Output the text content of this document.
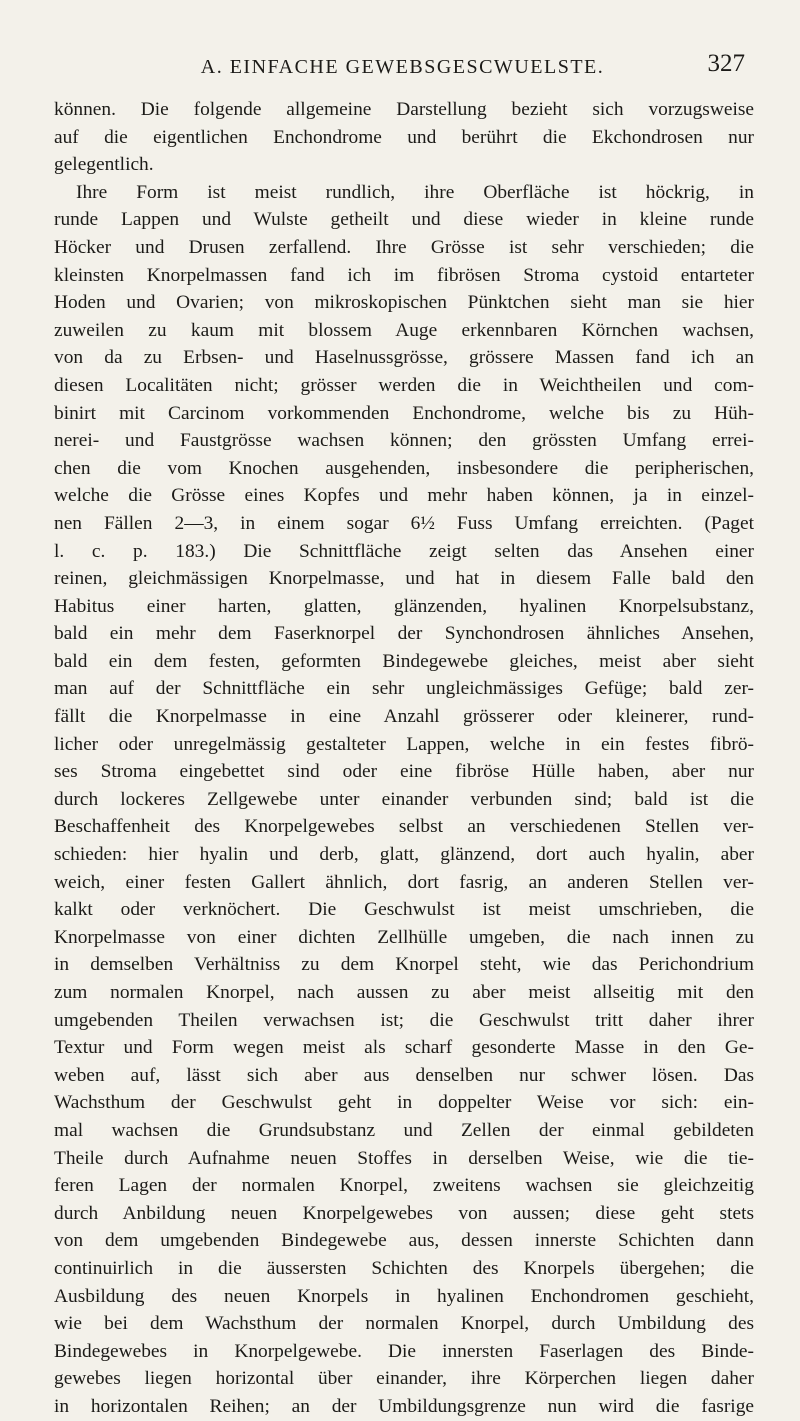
A. EINFACHE GEWEBSGESCWUELSTE.	327
können. Die folgende allgemeine Darstellung bezieht sich vorzugsweise
auf die eigentlichen Enchondrome und berührt die Ekchondrosen nur
gelegentlich.
Ihre Form ist meist rundlich, ihre Oberfläche ist höckrig, in
runde Lappen und Wulste getheilt und diese wieder in kleine runde
Höcker und Drusen zerfallend. Ihre Grösse ist sehr verschieden; die
kleinsten Knorpelmassen fand ich im fibrösen Stroma cystoid entarteter
Hoden und Ovarien; von mikroskopischen Pünktchen sieht man sie hier
zuweilen zu kaum mit blossem Auge erkennbaren Körnchen wachsen,
von da zu Erbsen- und Haselnussgrösse, grössere Massen fand ich an
diesen Localitäten nicht; grösser werden die in Weichtheilen und com-
binirt mit Carcinom vorkommenden Enchondrome, welche bis zu Hüh-
nerei- und Faustgrösse wachsen können; den grössten Umfang errei-
chen die vom Knochen ausgehenden, insbesondere die peripherischen,
welche die Grösse eines Kopfes und mehr haben können, ja in einzel-
nen Fällen 2—3, in einem sogar 6½ Fuss Umfang erreichten. (Paget
l. c. p. 183.) Die Schnittfläche zeigt selten das Ansehen einer
reinen, gleichmässigen Knorpelmasse, und hat in diesem Falle bald den
Habitus einer harten, glatten, glänzenden, hyalinen Knorpelsubstanz,
bald ein mehr dem Faserknorpel der Synchondrosen ähnliches Ansehen,
bald ein dem festen, geformten Bindegewebe gleiches, meist aber sieht
man auf der Schnittfläche ein sehr ungleichmässiges Gefüge; bald zer-
fällt die Knorpelmasse in eine Anzahl grösserer oder kleinerer, rund-
licher oder unregelmässig gestalteter Lappen, welche in ein festes fibrö-
ses Stroma eingebettet sind oder eine fibröse Hülle haben, aber nur
durch lockeres Zellgewebe unter einander verbunden sind; bald ist die
Beschaffenheit des Knorpelgewebes selbst an verschiedenen Stellen ver-
schieden: hier hyalin und derb, glatt, glänzend, dort auch hyalin, aber
weich, einer festen Gallert ähnlich, dort fasrig, an anderen Stellen ver-
kalkt oder verknöchert. Die Geschwulst ist meist umschrieben, die
Knorpelmasse von einer dichten Zellhülle umgeben, die nach innen zu
in demselben Verhältniss zu dem Knorpel steht, wie das Perichondrium
zum normalen Knorpel, nach aussen zu aber meist allseitig mit den
umgebenden Theilen verwachsen ist; die Geschwulst tritt daher ihrer
Textur und Form wegen meist als scharf gesonderte Masse in den Ge-
weben auf, lässt sich aber aus denselben nur schwer lösen. Das
Wachsthum der Geschwulst geht in doppelter Weise vor sich: ein-
mal wachsen die Grundsubstanz und Zellen der einmal gebildeten
Theile durch Aufnahme neuen Stoffes in derselben Weise, wie die tie-
feren Lagen der normalen Knorpel, zweitens wachsen sie gleichzeitig
durch Anbildung neuen Knorpelgewebes von aussen; diese geht stets
von dem umgebenden Bindegewebe aus, dessen innerste Schichten dann
continuirlich in die äussersten Schichten des Knorpels übergehen; die
Ausbildung des neuen Knorpels in hyalinen Enchondromen geschieht,
wie bei dem Wachsthum der normalen Knorpel, durch Umbildung des
Bindegewebes in Knorpelgewebe. Die innersten Faserlagen des Binde-
gewebes liegen horizontal über einander, ihre Körperchen liegen daher
in horizontalen Reihen; an der Umbildungsgrenze nun wird die fasrige
